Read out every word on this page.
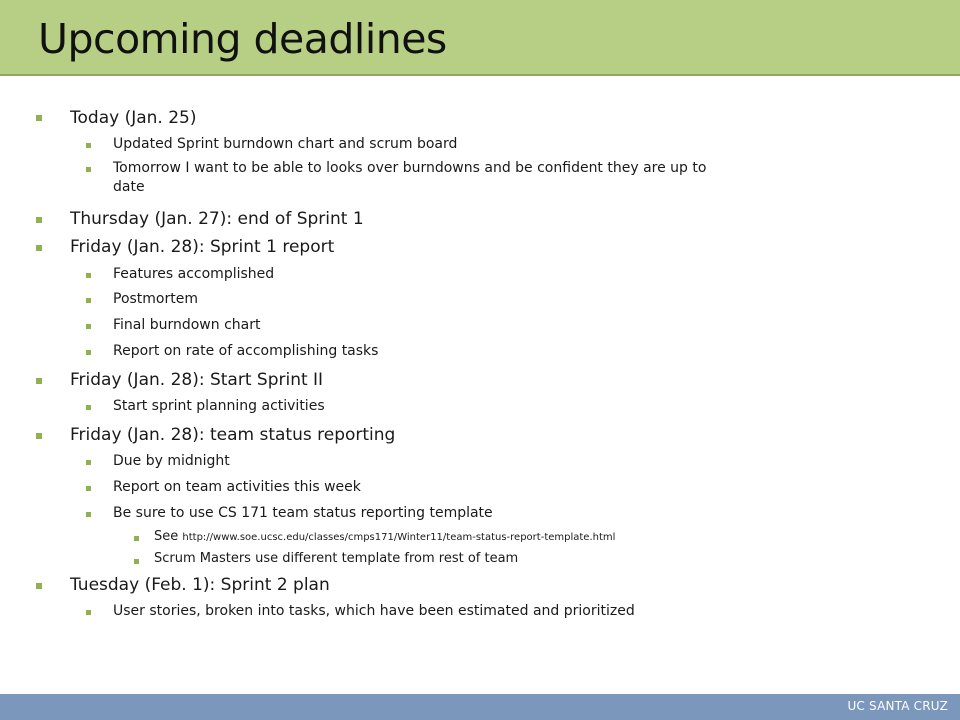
Upcoming deadlines
Today (Jan. 25)
Updated Sprint burndown chart and scrum board
Tomorrow I want to be able to looks over burndowns and be confident they are up to
date
Thursday (Jan. 27): end of Sprint 1
Friday (Jan. 28): Sprint 1 report
Features accomplished
Postmortem
Final burndown chart
Report on rate of accomplishing tasks
Friday (Jan. 28): Start Sprint II
Start sprint planning activities
Friday (Jan. 28): team status reporting
Due by midnight
Report on team activities this week
Be sure to use CS 171 team status reporting template
See http://www.soe.ucsc.edu/classes/cmps171/Winter11/team-status-report-template.html
Scrum Masters use different template from rest of team
Tuesday (Feb. 1): Sprint 2 plan
User stories, broken into tasks, which have been estimated and prioritized
UC SANTA CRUZ
